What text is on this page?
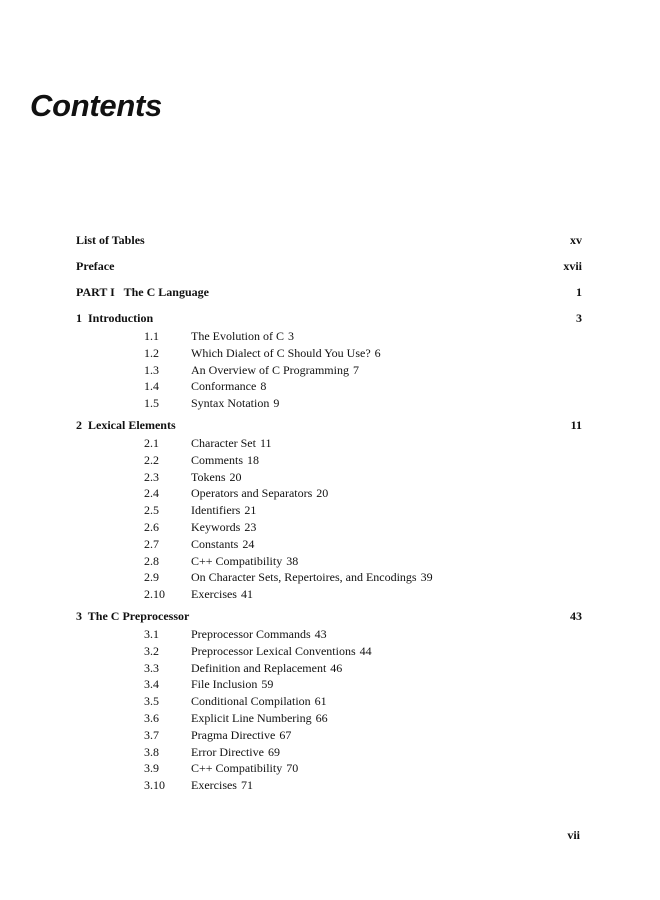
Contents
List of Tables	xv
Preface	xvii
PART I   The C Language	1
1  Introduction	3
1.1	The Evolution of C 3
1.2	Which Dialect of C Should You Use? 6
1.3	An Overview of C Programming 7
1.4	Conformance 8
1.5	Syntax Notation 9
2  Lexical Elements	11
2.1	Character Set 11
2.2	Comments 18
2.3	Tokens 20
2.4	Operators and Separators 20
2.5	Identifiers 21
2.6	Keywords 23
2.7	Constants 24
2.8	C++ Compatibility 38
2.9	On Character Sets, Repertoires, and Encodings 39
2.10 Exercises 41
3  The C Preprocessor	43
3.1	Preprocessor Commands 43
3.2	Preprocessor Lexical Conventions 44
3.3	Definition and Replacement 46
3.4	File Inclusion 59
3.5	Conditional Compilation 61
3.6	Explicit Line Numbering 66
3.7	Pragma Directive 67
3.8	Error Directive 69
3.9	C++ Compatibility 70
3.10 Exercises 71
vii
